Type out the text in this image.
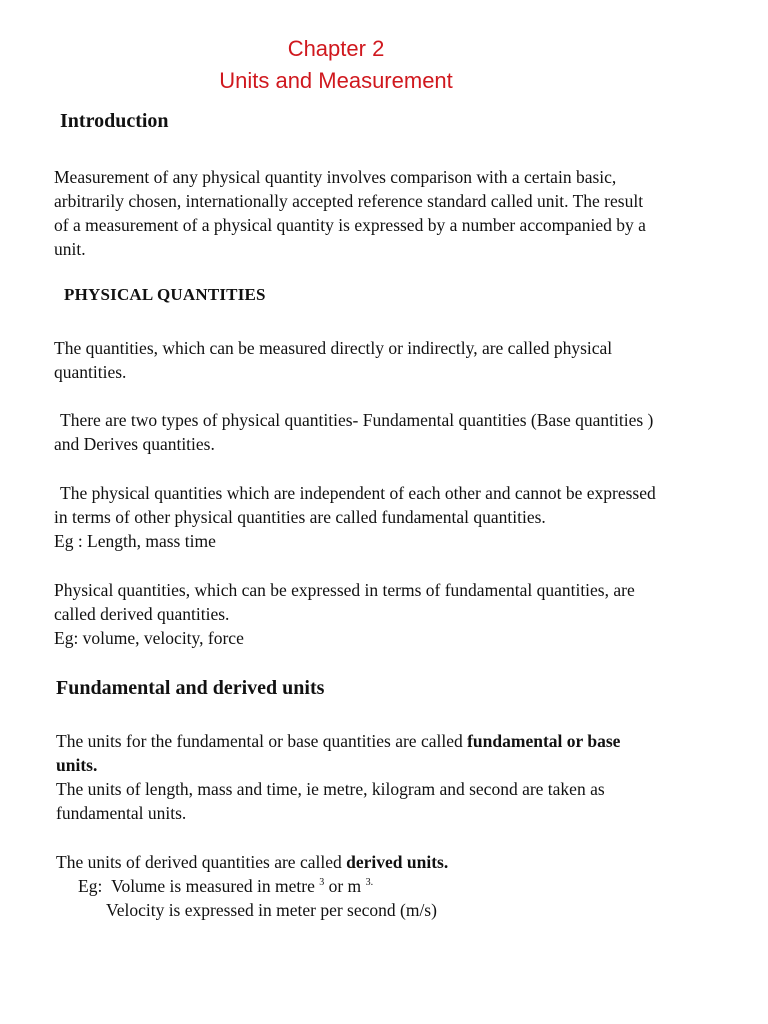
Chapter 2
Units and Measurement
Introduction

Measurement of any physical quantity involves comparison with a certain basic,
arbitrarily chosen, internationally accepted reference standard called unit. The result
of a measurement of a physical quantity is expressed by a number accompanied by a
unit.

PHYSICAL QUANTITIES

The quantities, which can be measured directly or indirectly, are called physical
quantities.

There are two types of physical quantities- Fundamental quantities (Base quantities )
and Derives quantities.

The physical quantities which are independent of each other and cannot be expressed
in terms of other physical quantities are called fundamental quantities.
Eg : Length, mass time

Physical quantities, which can be expressed in terms of fundamental quantities, are
called derived quantities.
Eg: volume, velocity, force

Fundamental and derived units

The units for the fundamental or base quantities are called fundamental or base
units.
The units of length, mass and time, ie metre, kilogram and second are taken as
fundamental units.

The units of derived quantities are called derived units.
Eg: Volume is measured in metre $^3$ or m $^{3.}$
Velocity is expressed in meter per second (m/s)
